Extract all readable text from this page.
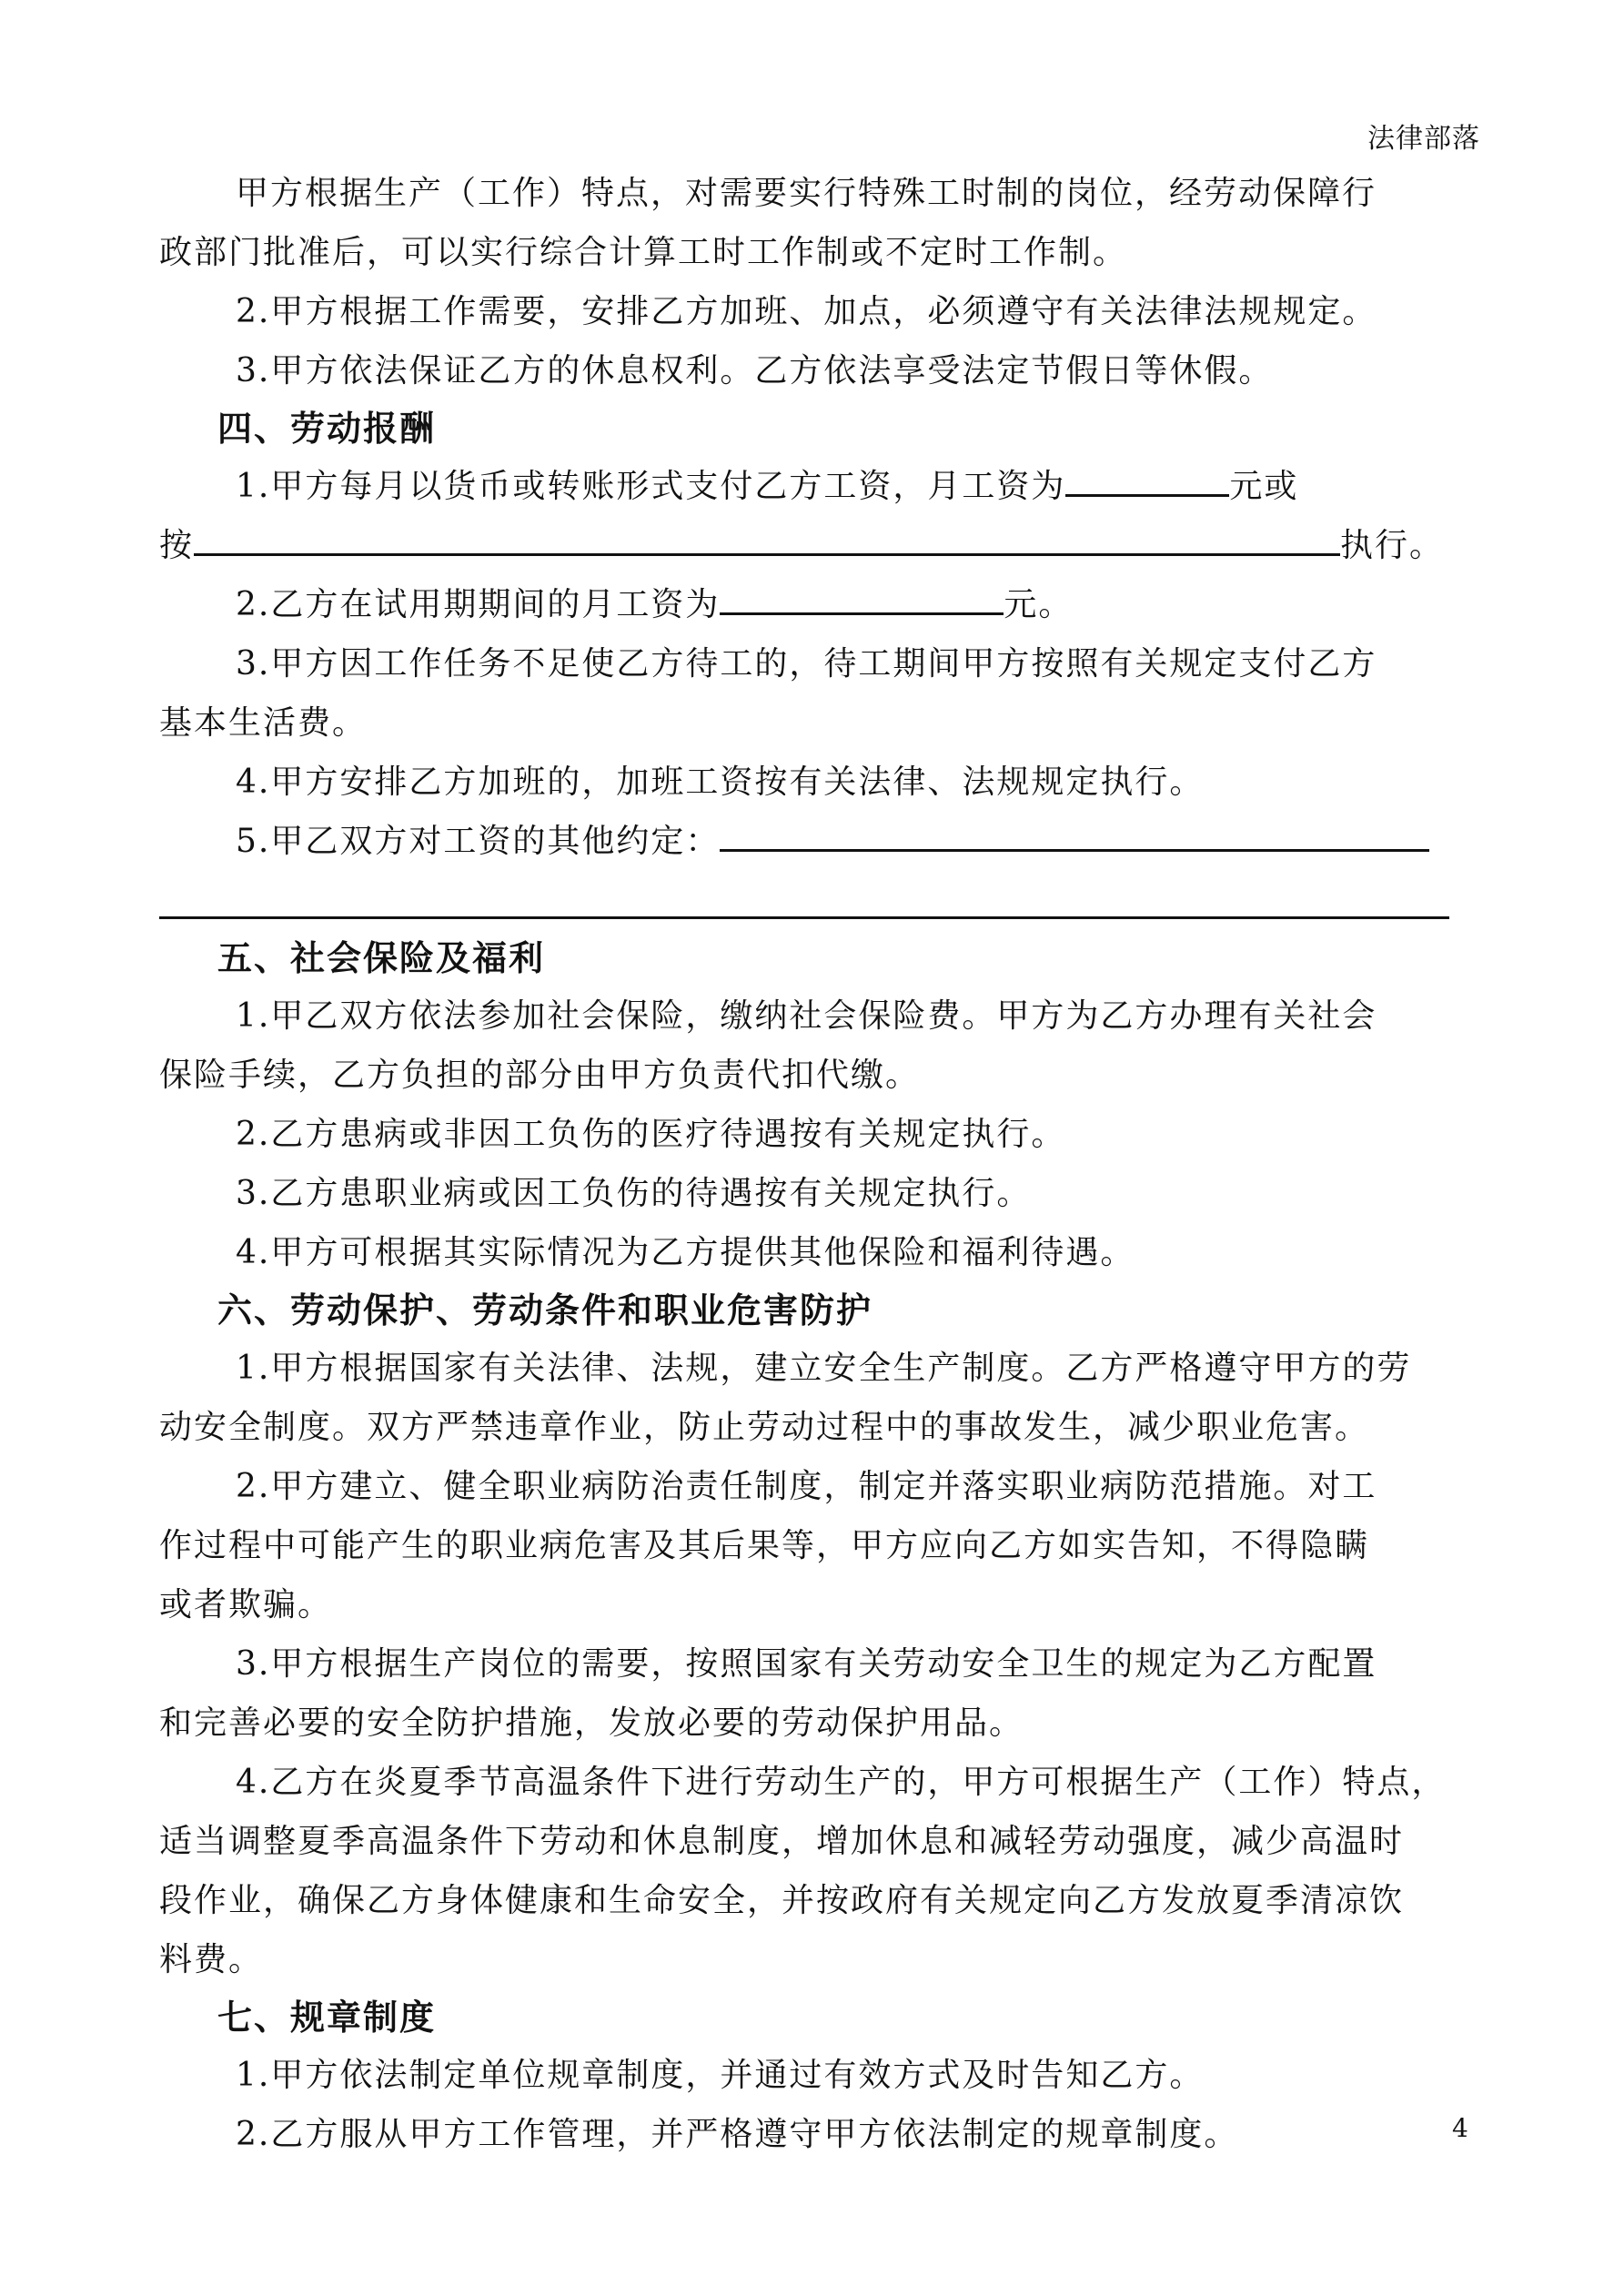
法律部落
甲方根据生产（工作）特点，对需要实行特殊工时制的岗位，经劳动保障行
政部门批准后，可以实行综合计算工时工作制或不定时工作制。
2.甲方根据工作需要，安排乙方加班、加点，必须遵守有关法律法规规定。
3.甲方依法保证乙方的休息权利。乙方依法享受法定节假日等休假。
四、劳动报酬
1.甲方每月以货币或转账形式支付乙方工资，月工资为	元或
按	执行。
2.乙方在试用期期间的月工资为	元。
3.甲方因工作任务不足使乙方待工的，待工期间甲方按照有关规定支付乙方
基本生活费。
4.甲方安排乙方加班的，加班工资按有关法律、法规规定执行。
5.甲乙双方对工资的其他约定：
五、社会保险及福利
1.甲乙双方依法参加社会保险，缴纳社会保险费。甲方为乙方办理有关社会
保险手续，乙方负担的部分由甲方负责代扣代缴。
2.乙方患病或非因工负伤的医疗待遇按有关规定执行。
3.乙方患职业病或因工负伤的待遇按有关规定执行。
4.甲方可根据其实际情况为乙方提供其他保险和福利待遇。
六、劳动保护、劳动条件和职业危害防护
1.甲方根据国家有关法律、法规，建立安全生产制度。乙方严格遵守甲方的劳
动安全制度。双方严禁违章作业，防止劳动过程中的事故发生，减少职业危害。
2.甲方建立、健全职业病防治责任制度，制定并落实职业病防范措施。对工
作过程中可能产生的职业病危害及其后果等，甲方应向乙方如实告知，不得隐瞒
或者欺骗。
3.甲方根据生产岗位的需要，按照国家有关劳动安全卫生的规定为乙方配置
和完善必要的安全防护措施，发放必要的劳动保护用品。
4.乙方在炎夏季节高温条件下进行劳动生产的，甲方可根据生产（工作）特点，
适当调整夏季高温条件下劳动和休息制度，增加休息和减轻劳动强度，减少高温时
段作业，确保乙方身体健康和生命安全，并按政府有关规定向乙方发放夏季清凉饮
料费。
七、规章制度
1.甲方依法制定单位规章制度，并通过有效方式及时告知乙方。
2.乙方服从甲方工作管理，并严格遵守甲方依法制定的规章制度。	4
